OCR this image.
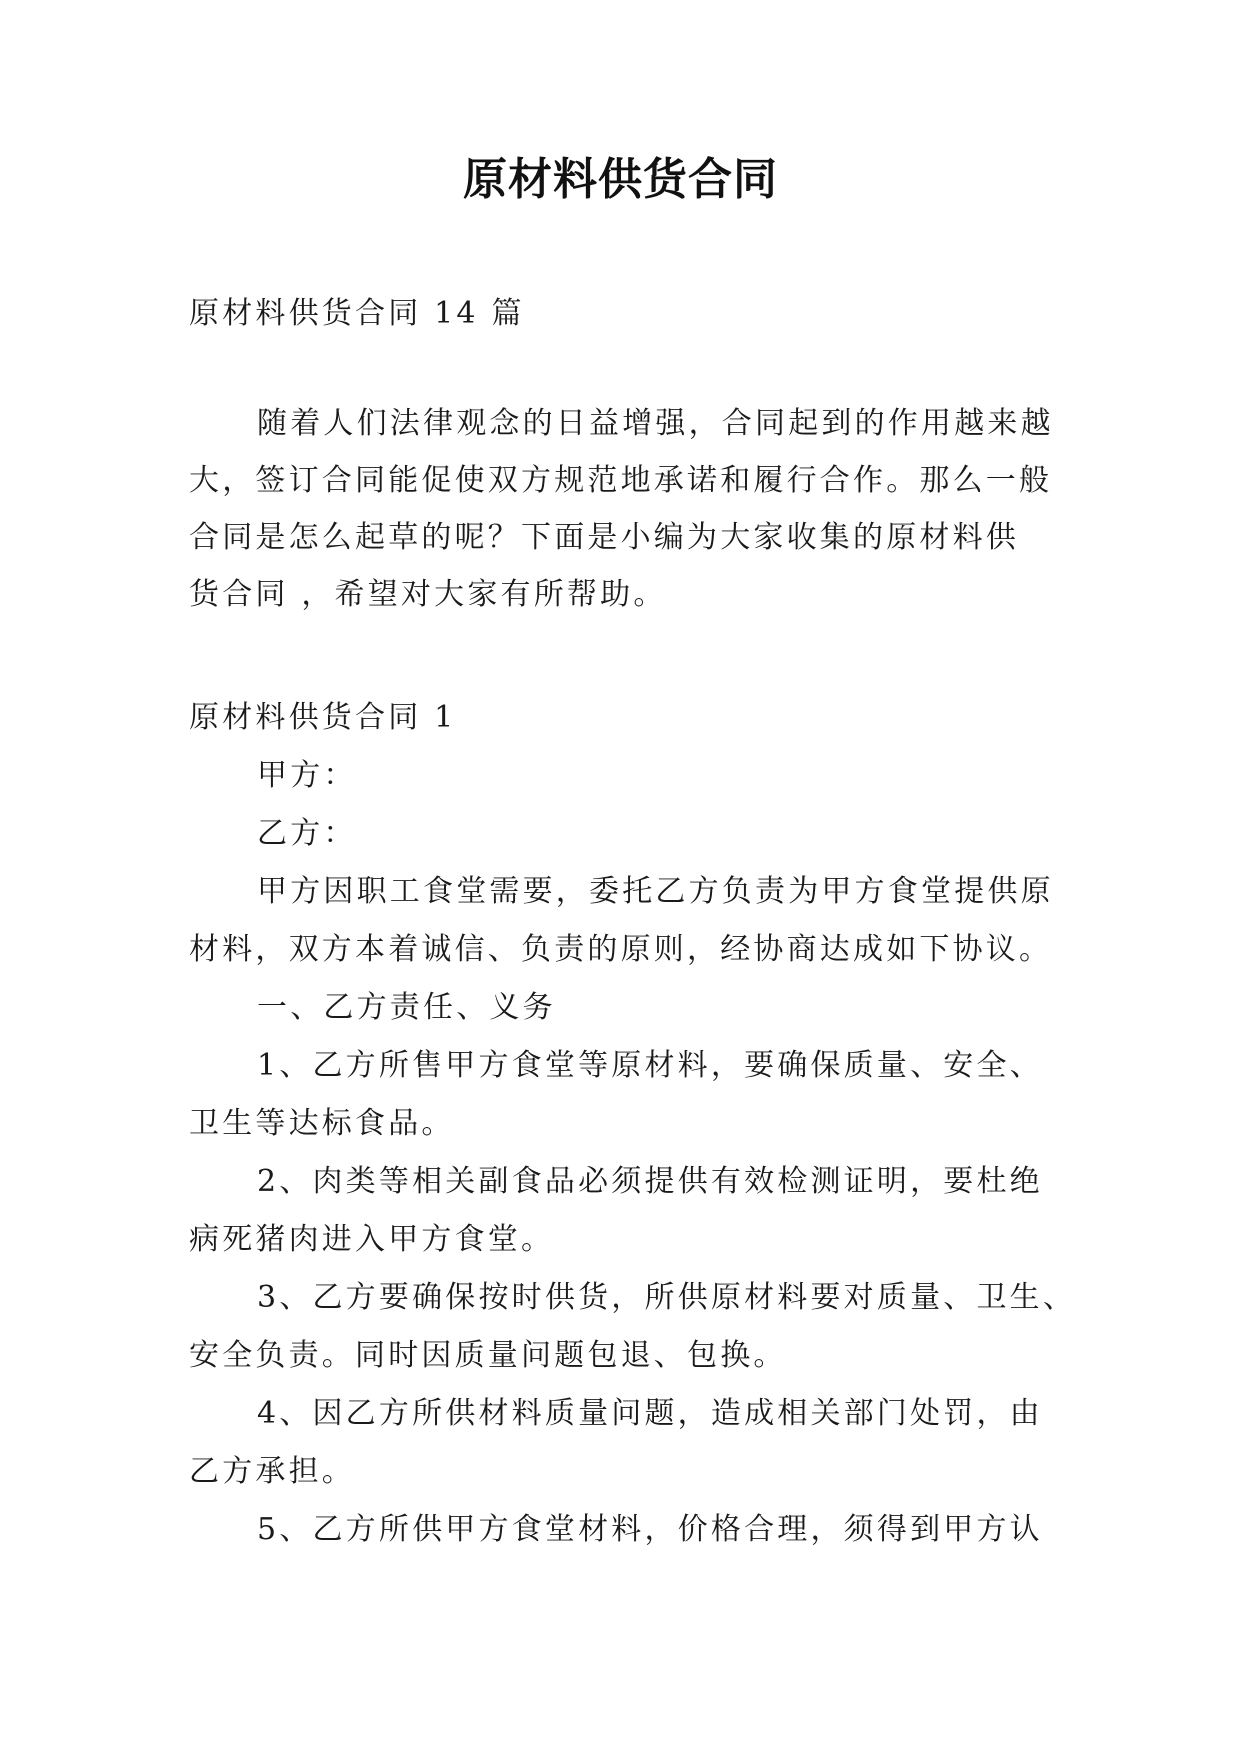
原材料供货合同
原材料供货合同 14 篇
随着人们法律观念的日益增强，合同起到的作用越来越
大，签订合同能促使双方规范地承诺和履行合作。那么一般
合同是怎么起草的呢？下面是小编为大家收集的原材料供
货合同 ，希望对大家有所帮助。
原材料供货合同 1
甲方：
乙方：
甲方因职工食堂需要，委托乙方负责为甲方食堂提供原
材料，双方本着诚信、负责的原则，经协商达成如下协议。
一、乙方责任、义务
1、乙方所售甲方食堂等原材料，要确保质量、安全、
卫生等达标食品。
2、肉类等相关副食品必须提供有效检测证明，要杜绝
病死猪肉进入甲方食堂。
3、乙方要确保按时供货，所供原材料要对质量、卫生、
安全负责。同时因质量问题包退、包换。
4、因乙方所供材料质量问题，造成相关部门处罚，由
乙方承担。
5、乙方所供甲方食堂材料，价格合理，须得到甲方认
